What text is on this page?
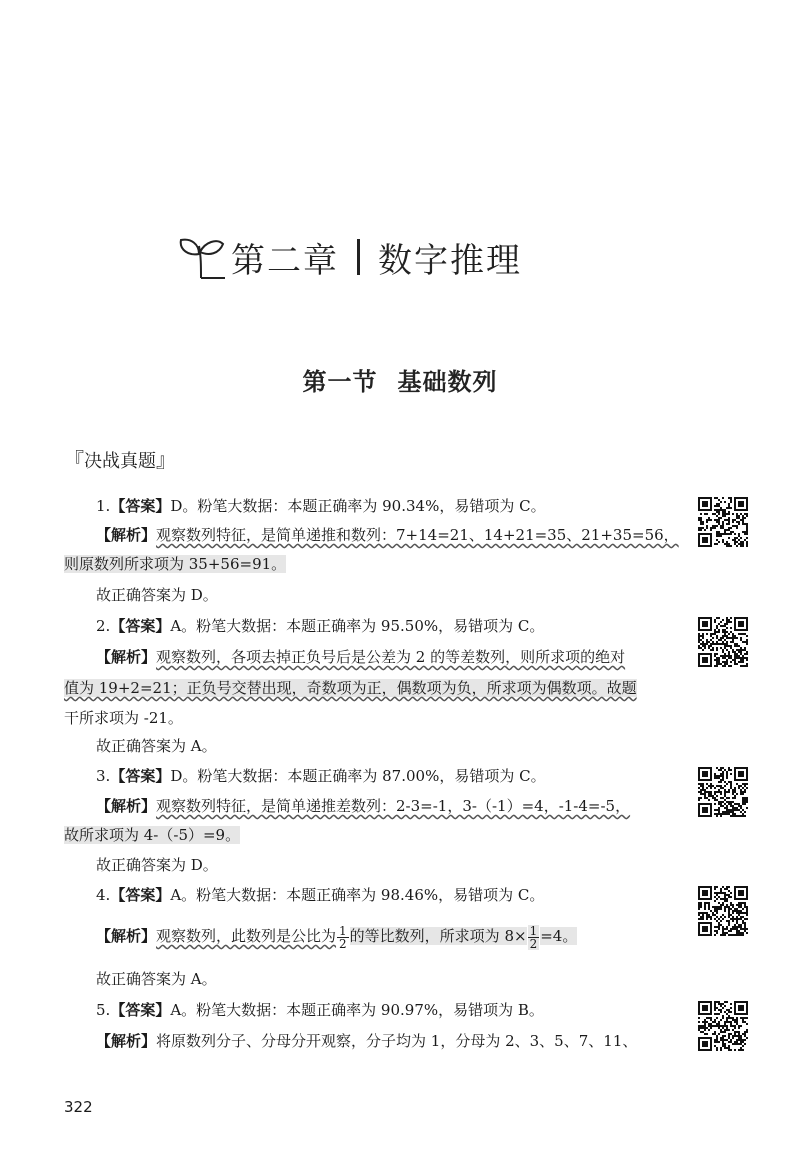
第二章 数字推理
第一节 基础数列
『决战真题』
1.【答案】D。粉笔大数据：本题正确率为 90.34%，易错项为 C。
【解析】观察数列特征，是简单递推和数列：7+14=21、14+21=35、21+35=56，
则原数列所求项为 35+56=91。
故正确答案为 D。
2.【答案】A。粉笔大数据：本题正确率为 95.50%，易错项为 C。
【解析】观察数列，各项去掉正负号后是公差为 2 的等差数列，则所求项的绝对
值为 19+2=21；正负号交替出现，奇数项为正，偶数项为负，所求项为偶数项。故题
干所求项为 -21。
故正确答案为 A。
3.【答案】D。粉笔大数据：本题正确率为 87.00%，易错项为 C。
【解析】观察数列特征，是简单递推差数列：2-3=-1，3-（-1）=4，-1-4=-5，
故所求项为 4-（-5）=9。
故正确答案为 D。
4.【答案】A。粉笔大数据：本题正确率为 98.46%，易错项为 C。
【解析】观察数列，此数列是公比为 $\frac{1}{2}$ 的等比数列，所求项为 $8\times \frac{1}{2} =4$。
故正确答案为 A。
5.【答案】A。粉笔大数据：本题正确率为 90.97%，易错项为 B。
【解析】将原数列分子、分母分开观察，分子均为 1，分母为 2、3、5、7、11、
322
